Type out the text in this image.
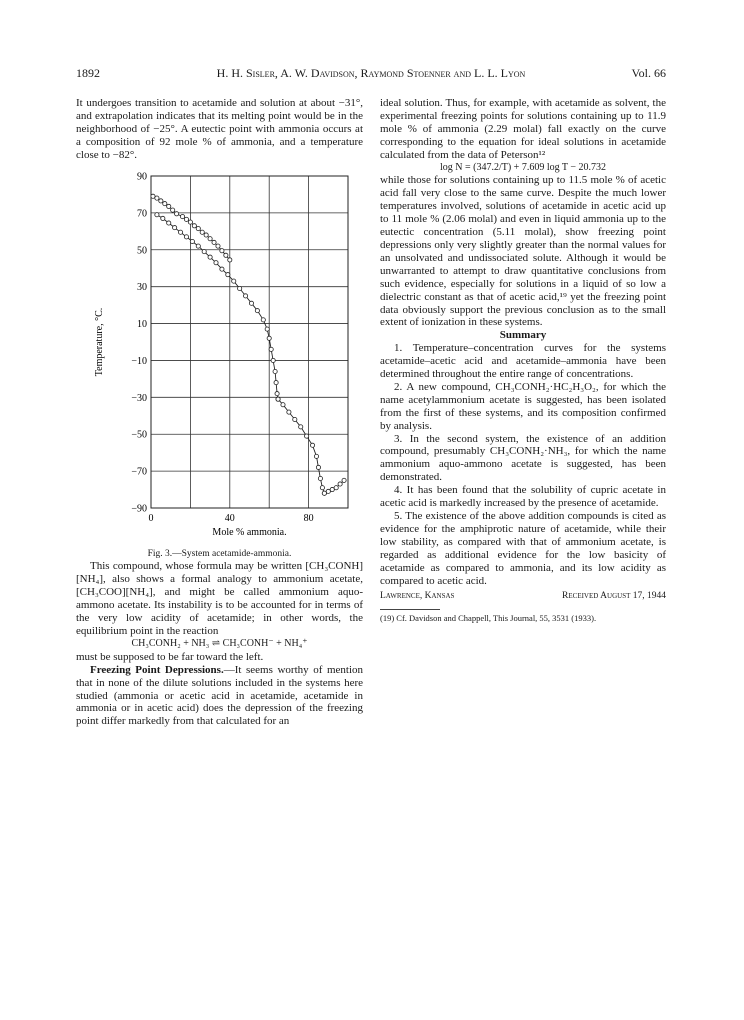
1892	H. H. Sisler, A. W. Davidson, Raymond Stoenner and L. L. Lyon	Vol. 66

It undergoes transition to acetamide and solution at about −31°, and extrapolation indicates that its melting point would be in the neighborhood of −25°. A eutectic point with ammonia occurs at a composition of 92 mole % of ammonia, and a temperature close to −82°.

Temperature, °C.
Mole % ammonia.
90
70
50
30
10
−10
−30
−50
−70
−90
0	40	80

Fig. 3.—System acetamide-ammonia.

This compound, whose formula may be written [CH₃CONH][NH₄], also shows a formal analogy to ammonium acetate, [CH₃COO][NH₄], and might be called ammonium aquo-ammono acetate. Its instability is to be accounted for in terms of the very low acidity of acetamide; in other words, the equilibrium point in the reaction

CH₃CONH₂ + NH₃ ⇌ CH₃CONH⁻ + NH₄⁺

must be supposed to be far toward the left.

Freezing Point Depressions.—It seems worthy of mention that in none of the dilute solutions included in the systems here studied (ammonia or acetic acid in acetamide, acetamide in ammonia or in acetic acid) does the depression of the freezing point differ markedly from that calculated for an

ideal solution. Thus, for example, with acetamide as solvent, the experimental freezing points for solutions containing up to 11.9 mole % of ammonia (2.29 molal) fall exactly on the curve corresponding to the equation for ideal solutions in acetamide calculated from the data of Peterson¹²

log N = (347.2/T) + 7.609 log T − 20.732

while those for solutions containing up to 11.5 mole % of acetic acid fall very close to the same curve. Despite the much lower temperatures involved, solutions of acetamide in acetic acid up to 11 mole % (2.06 molal) and even in liquid ammonia up to the eutectic concentration (5.11 molal), show freezing point depressions only very slightly greater than the normal values for an unsolvated and undissociated solute. Although it would be unwarranted to attempt to draw quantitative conclusions from such evidence, especially for solutions in a liquid of so low a dielectric constant as that of acetic acid,¹⁹ yet the freezing point data obviously support the previous conclusion as to the small extent of ionization in these systems.

Summary

1. Temperature–concentration curves for the systems acetamide–acetic acid and acetamide–ammonia have been determined throughout the entire range of concentrations.

2. A new compound, CH₃CONH₂·HC₂H₃O₂, for which the name acetylammonium acetate is suggested, has been isolated from the first of these systems, and its composition confirmed by analysis.

3. In the second system, the existence of an addition compound, presumably CH₃CONH₂·NH₃, for which the name ammonium aquo-ammono acetate is suggested, has been demonstrated.

4. It has been found that the solubility of cupric acetate in acetic acid is markedly increased by the presence of acetamide.

5. The existence of the above addition compounds is cited as evidence for the amphiprotic nature of acetamide, while their low stability, as compared with that of ammonium acetate, is regarded as additional evidence for the low basicity of acetamide as compared to ammonia, and its low acidity as compared to acetic acid.

Lawrence, Kansas	Received August 17, 1944

(19) Cf. Davidson and Chappell, This Journal, 55, 3531 (1933).
